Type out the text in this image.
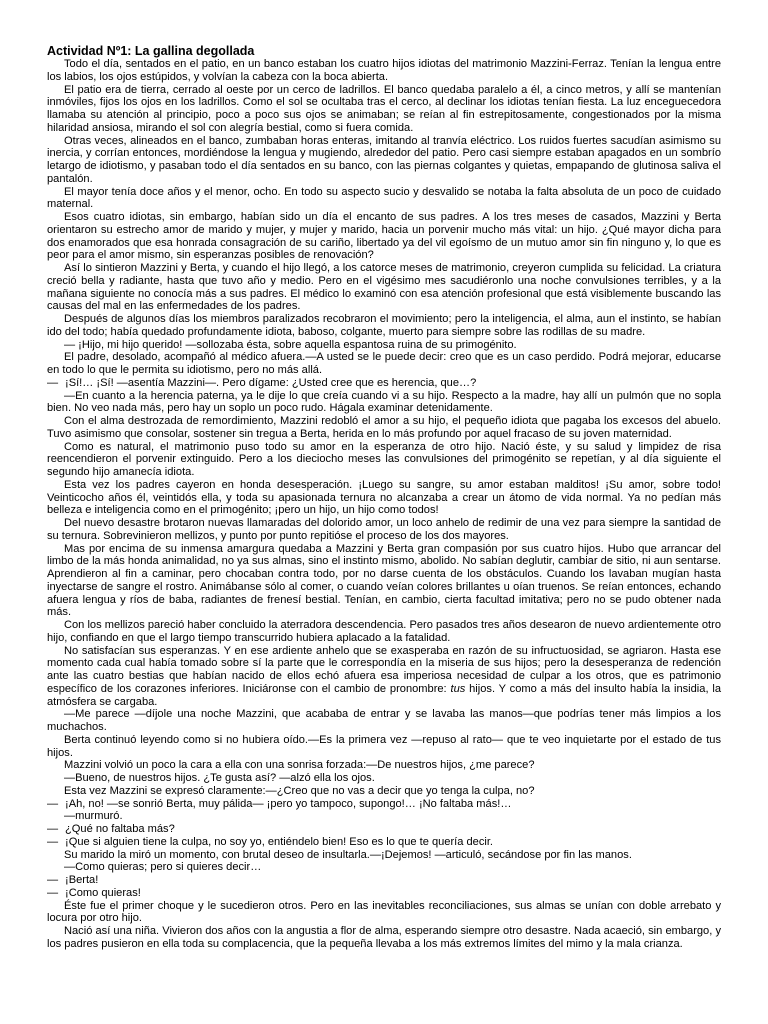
Actividad Nº1: La gallina degollada

Todo el día, sentados en el patio, en un banco estaban los cuatro hijos idiotas del matrimonio Mazzini-Ferraz. Tenían la lengua entre los labios, los ojos estúpidos, y volvían la cabeza con la boca abierta.

El patio era de tierra, cerrado al oeste por un cerco de ladrillos. El banco quedaba paralelo a él, a cinco metros, y allí se mantenían inmóviles, fijos los ojos en los ladrillos. Como el sol se ocultaba tras el cerco, al declinar los idiotas tenían fiesta. La luz enceguecedora llamaba su atención al principio, poco a poco sus ojos se animaban; se reían al fin estrepitosamente, congestionados por la misma hilaridad ansiosa, mirando el sol con alegría bestial, como si fuera comida.

Otras veces, alineados en el banco, zumbaban horas enteras, imitando al tranvía eléctrico. Los ruidos fuertes sacudían asimismo su inercia, y corrían entonces, mordiéndose la lengua y mugiendo, alrededor del patio. Pero casi siempre estaban apagados en un sombrío letargo de idiotismo, y pasaban todo el día sentados en su banco, con las piernas colgantes y quietas, empapando de glutinosa saliva el pantalón.

El mayor tenía doce años y el menor, ocho. En todo su aspecto sucio y desvalido se notaba la falta absoluta de un poco de cuidado maternal.

Esos cuatro idiotas, sin embargo, habían sido un día el encanto de sus padres. A los tres meses de casados, Mazzini y Berta orientaron su estrecho amor de marido y mujer, y mujer y marido, hacia un porvenir mucho más vital: un hijo. ¿Qué mayor dicha para dos enamorados que esa honrada consagración de su cariño, libertado ya del vil egoísmo de un mutuo amor sin fin ninguno y, lo que es peor para el amor mismo, sin esperanzas posibles de renovación?

Así lo sintieron Mazzini y Berta, y cuando el hijo llegó, a los catorce meses de matrimonio, creyeron cumplida su felicidad. La criatura creció bella y radiante, hasta que tuvo año y medio. Pero en el vigésimo mes sacudiéronlo una noche convulsiones terribles, y a la mañana siguiente no conocía más a sus padres. El médico lo examinó con esa atención profesional que está visiblemente buscando las causas del mal en las enfermedades de los padres.

Después de algunos días los miembros paralizados recobraron el movimiento; pero la inteligencia, el alma, aun el instinto, se habían ido del todo; había quedado profundamente idiota, baboso, colgante, muerto para siempre sobre las rodillas de su madre.

— ¡Hijo, mi hijo querido! —sollozaba ésta, sobre aquella espantosa ruina de su primogénito.

El padre, desolado, acompañó al médico afuera.—A usted se le puede decir: creo que es un caso perdido. Podrá mejorar, educarse en todo lo que le permita su idiotismo, pero no más allá.

— ¡Sí!… ¡Sí! —asentía Mazzini—. Pero dígame: ¿Usted cree que es herencia, que…?

—En cuanto a la herencia paterna, ya le dije lo que creía cuando vi a su hijo. Respecto a la madre, hay allí un pulmón que no sopla bien. No veo nada más, pero hay un soplo un poco rudo. Hágala examinar detenidamente.

Con el alma destrozada de remordimiento, Mazzini redobló el amor a su hijo, el pequeño idiota que pagaba los excesos del abuelo. Tuvo asimismo que consolar, sostener sin tregua a Berta, herida en lo más profundo por aquel fracaso de su joven maternidad.

Como es natural, el matrimonio puso todo su amor en la esperanza de otro hijo. Nació éste, y su salud y limpidez de risa reencendieron el porvenir extinguido. Pero a los dieciocho meses las convulsiones del primogénito se repetían, y al día siguiente el segundo hijo amanecía idiota.

Esta vez los padres cayeron en honda desesperación. ¡Luego su sangre, su amor estaban malditos! ¡Su amor, sobre todo! Veinticocho años él, veintidós ella, y toda su apasionada ternura no alcanzaba a crear un átomo de vida normal. Ya no pedían más belleza e inteligencia como en el primogénito; ¡pero un hijo, un hijo como todos!

Del nuevo desastre brotaron nuevas llamaradas del dolorido amor, un loco anhelo de redimir de una vez para siempre la santidad de su ternura. Sobrevinieron mellizos, y punto por punto repitióse el proceso de los dos mayores.

Mas por encima de su inmensa amargura quedaba a Mazzini y Berta gran compasión por sus cuatro hijos. Hubo que arrancar del limbo de la más honda animalidad, no ya sus almas, sino el instinto mismo, abolido. No sabían deglutir, cambiar de sitio, ni aun sentarse. Aprendieron al fin a caminar, pero chocaban contra todo, por no darse cuenta de los obstáculos. Cuando los lavaban mugían hasta inyectarse de sangre el rostro. Animábanse sólo al comer, o cuando veían colores brillantes u oían truenos. Se reían entonces, echando afuera lengua y ríos de baba, radiantes de frenesí bestial. Tenían, en cambio, cierta facultad imitativa; pero no se pudo obtener nada más.

Con los mellizos pareció haber concluido la aterradora descendencia. Pero pasados tres años desearon de nuevo ardientemente otro hijo, confiando en que el largo tiempo transcurrido hubiera aplacado a la fatalidad.

No satisfacían sus esperanzas. Y en ese ardiente anhelo que se exasperaba en razón de su infructuosidad, se agriaron. Hasta ese momento cada cual había tomado sobre sí la parte que le correspondía en la miseria de sus hijos; pero la desesperanza de redención ante las cuatro bestias que habían nacido de ellos echó afuera esa imperiosa necesidad de culpar a los otros, que es patrimonio específico de los corazones inferiores. Iniciáronse con el cambio de pronombre: tus hijos. Y como a más del insulto había la insidia, la atmósfera se cargaba.

—Me parece —díjole una noche Mazzini, que acababa de entrar y se lavaba las manos—que podrías tener más limpios a los muchachos.

Berta continuó leyendo como si no hubiera oído.—Es la primera vez —repuso al rato— que te veo inquietarte por el estado de tus hijos.

Mazzini volvió un poco la cara a ella con una sonrisa forzada:—De nuestros hijos, ¿me parece?

—Bueno, de nuestros hijos. ¿Te gusta así? —alzó ella los ojos.

Esta vez Mazzini se expresó claramente:—¿Creo que no vas a decir que yo tenga la culpa, no?

— ¡Ah, no! —se sonrió Berta, muy pálida— ¡pero yo tampoco, supongo!… ¡No faltaba más!…

—murmuró.

— ¿Qué no faltaba más?

— ¡Que si alguien tiene la culpa, no soy yo, entiéndelo bien! Eso es lo que te quería decir.

Su marido la miró un momento, con brutal deseo de insultarla.—¡Dejemos! —articuló, secándose por fin las manos.

—Como quieras; pero si quieres decir…

— ¡Berta!

— ¡Como quieras!

Éste fue el primer choque y le sucedieron otros. Pero en las inevitables reconciliaciones, sus almas se unían con doble arrebato y locura por otro hijo.

Nació así una niña. Vivieron dos años con la angustia a flor de alma, esperando siempre otro desastre. Nada acaeció, sin embargo, y los padres pusieron en ella toda su complacencia, que la pequeña llevaba a los más extremos límites del mimo y la mala crianza.
